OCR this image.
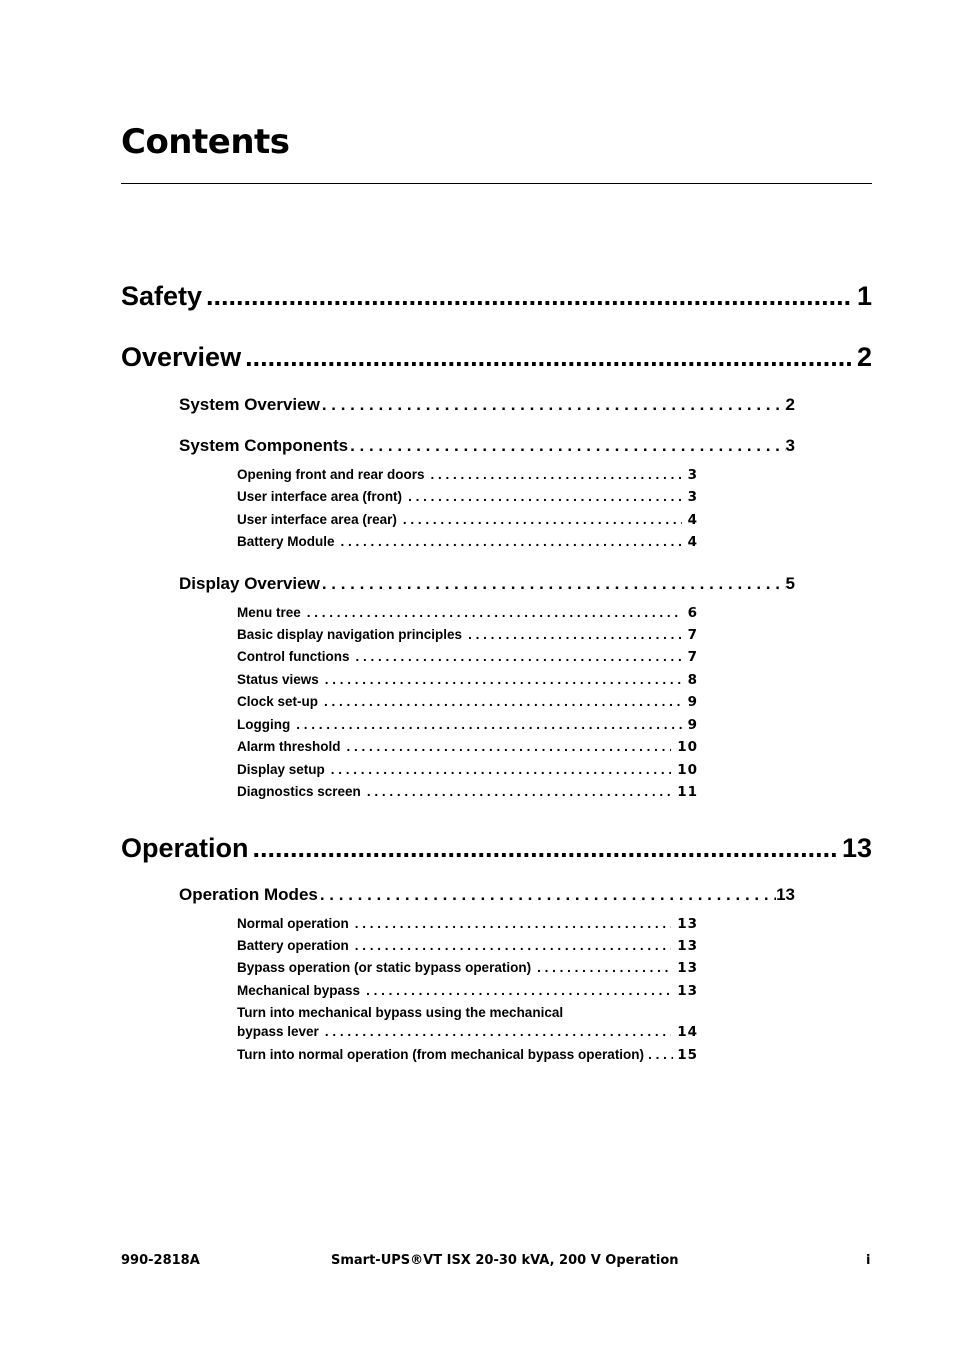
Contents
Safety .....	1
Overview .....	2
System Overview . . .	2
System Components . . .	3
Opening front and rear doors . . .	3
User interface area (front) . . .	3
User interface area (rear) . . .	4
Battery Module . . .	4
Display Overview . . .	5
Menu tree . . .	6
Basic display navigation principles . . .	7
Control functions . . .	7
Status views . . .	8
Clock set-up . . .	9
Logging . . .	9
Alarm threshold . . .	10
Display setup . . .	10
Diagnostics screen . . .	11
Operation .....	13
Operation Modes . . .	13
Normal operation . . .	13
Battery operation . . .	13
Bypass operation (or static bypass operation) . . .	13
Mechanical bypass . . .	13
Turn into mechanical bypass using the mechanical
bypass lever . . .	14
Turn into normal operation (from mechanical bypass operation) . . . 15
990-2818A	Smart-UPS®VT ISX 20-30 kVA, 200 V Operation	i
